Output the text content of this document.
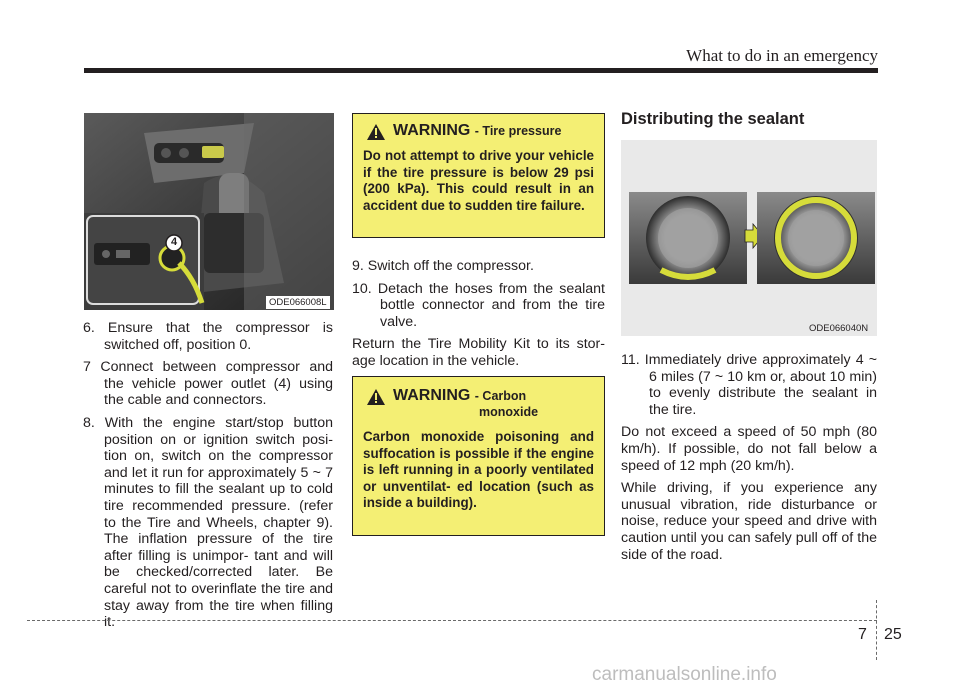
What to do in an emergency
4
ODE066008L

6. Ensure that the compressor is switched off, position 0.

7 Connect between compressor and the vehicle power outlet (4) using the cable and connectors.

8. With the engine start/stop button position on or ignition switch posi- tion on, switch on the compressor and let it run for approximately 5 ~ 7 minutes to fill the sealant up to cold tire recommended pressure. (refer to the Tire and Wheels, chapter 9). The inflation pressure of the tire after filling is unimpor- tant and will be checked/corrected later. Be careful not to overinflate the tire and stay away from the tire when filling it.

WARNING - Tire pressure
Do not attempt to drive your vehicle if the tire pressure is below 29 psi (200 kPa). This could result in an accident due to sudden tire failure.

9. Switch off the compressor.

10. Detach the hoses from the sealant bottle connector and from the tire valve.

Return the Tire Mobility Kit to its stor- age location in the vehicle.

WARNING - Carbon
monoxide
Carbon monoxide poisoning and suffocation is possible if the engine is left running in a poorly ventilated or unventilat- ed location (such as inside a building).
Distributing the sealant
ODE066040N

11. Immediately drive approximately 4 ~ 6 miles (7 ~ 10 km or, about 10 min) to evenly distribute the sealant in the tire.

Do not exceed a speed of 50 mph (80 km/h). If possible, do not fall below a speed of 12 mph (20 km/h).

While driving, if you experience any unusual vibration, ride disturbance or noise, reduce your speed and drive with caution until you can safely pull off of the side of the road.

7 25
carmanualsonline.info
